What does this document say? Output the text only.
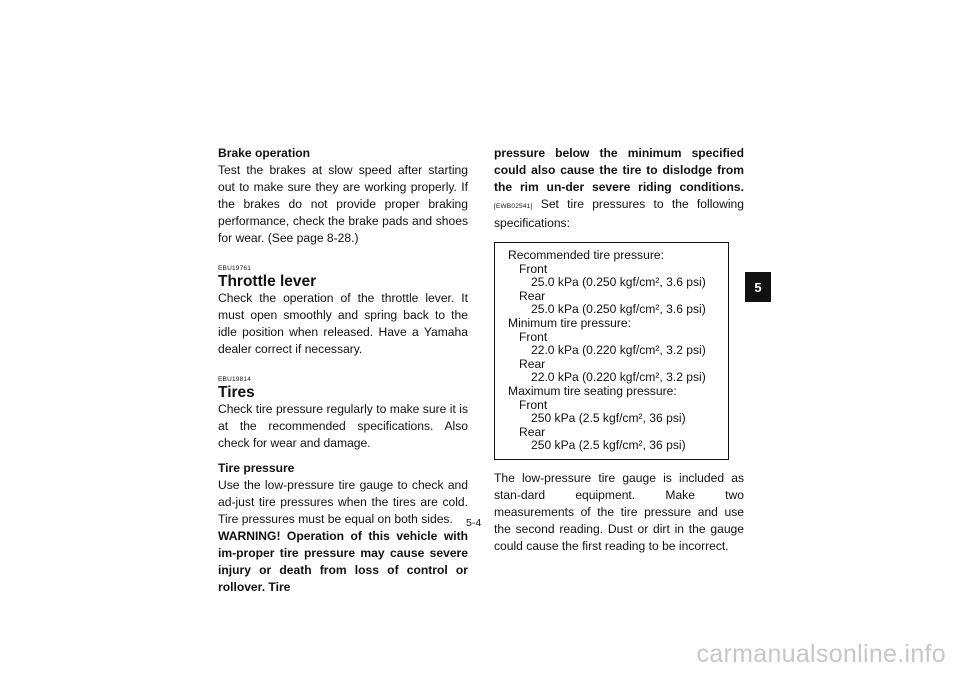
Brake operation

Test the brakes at slow speed after starting out to make sure they are working properly. If the brakes do not provide proper braking performance, check the brake pads and shoes for wear. (See page 8-28.)

EBU19761
Throttle lever

Check the operation of the throttle lever. It must open smoothly and spring back to the idle position when released. Have a Yamaha dealer correct if necessary.

EBU19814
Tires

Check tire pressure regularly to make sure it is at the recommended specifications. Also check for wear and damage.

Tire pressure

Use the low-pressure tire gauge to check and ad-just tire pressures when the tires are cold. Tire pressures must be equal on both sides.

WARNING! Operation of this vehicle with im-proper tire pressure may cause severe injury or death from loss of control or rollover. Tire

pressure below the minimum specified could also cause the tire to dislodge from the rim un-der severe riding conditions. [EWB02541] Set tire pressures to the following specifications:

Recommended tire pressure:
Front
25.0 kPa (0.250 kgf/cm², 3.6 psi)
Rear
25.0 kPa (0.250 kgf/cm², 3.6 psi)
Minimum tire pressure:
Front
22.0 kPa (0.220 kgf/cm², 3.2 psi)
Rear
22.0 kPa (0.220 kgf/cm², 3.2 psi)
Maximum tire seating pressure:
Front
250 kPa (2.5 kgf/cm², 36 psi)
Rear
250 kPa (2.5 kgf/cm², 36 psi)

The low-pressure tire gauge is included as stan-dard equipment. Make two measurements of the tire pressure and use the second reading. Dust or dirt in the gauge could cause the first reading to be incorrect.

5
5-4
carmanualsonline.info
